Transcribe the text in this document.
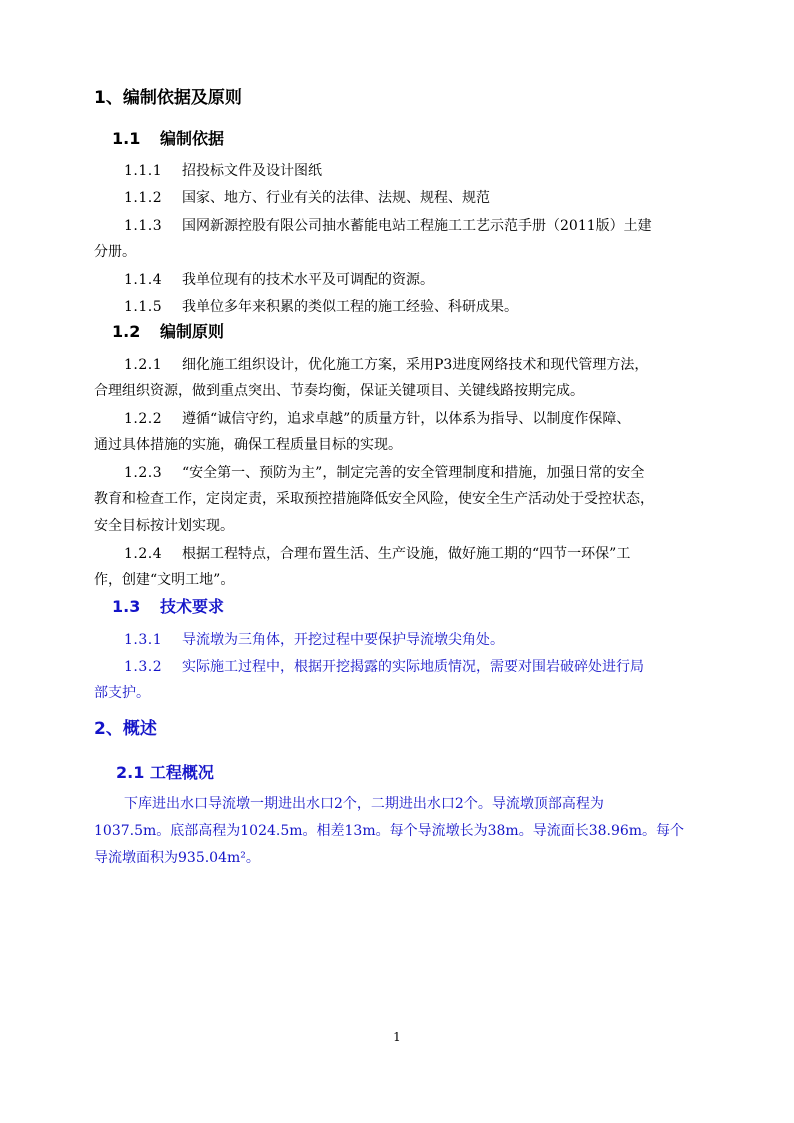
1、编制依据及原则
1.1 编制依据
1.1.1 招投标文件及设计图纸
1.1.2 国家、地方、行业有关的法律、法规、规程、规范
1.1.3 国网新源控股有限公司抽水蓄能电站工程施工工艺示范手册（2011版）土建
分册。
1.1.4 我单位现有的技术水平及可调配的资源。
1.1.5 我单位多年来积累的类似工程的施工经验、科研成果。
1.2 编制原则
1.2.1 细化施工组织设计，优化施工方案，采用P3进度网络技术和现代管理方法，
合理组织资源，做到重点突出、节奏均衡，保证关键项目、关键线路按期完成。
1.2.2 遵循“诚信守约，追求卓越”的质量方针，以体系为指导、以制度作保障、
通过具体措施的实施，确保工程质量目标的实现。
1.2.3 “安全第一、预防为主”，制定完善的安全管理制度和措施，加强日常的安全
教育和检查工作，定岗定责，采取预控措施降低安全风险，使安全生产活动处于受控状态，
安全目标按计划实现。
1.2.4 根据工程特点，合理布置生活、生产设施，做好施工期的“四节一环保”工
作，创建“文明工地”。
1.3 技术要求
1.3.1 导流墩为三角体，开挖过程中要保护导流墩尖角处。
1.3.2 实际施工过程中，根据开挖揭露的实际地质情况，需要对围岩破碎处进行局
部支护。
2、概述
2.1 工程概况
下库进出水口导流墩一期进出水口2个，二期进出水口2个。导流墩顶部高程为
1037.5m。底部高程为1024.5m。相差13m。每个导流墩长为38m。导流面长38.96m。每个
导流墩面积为935.04m²。
1
